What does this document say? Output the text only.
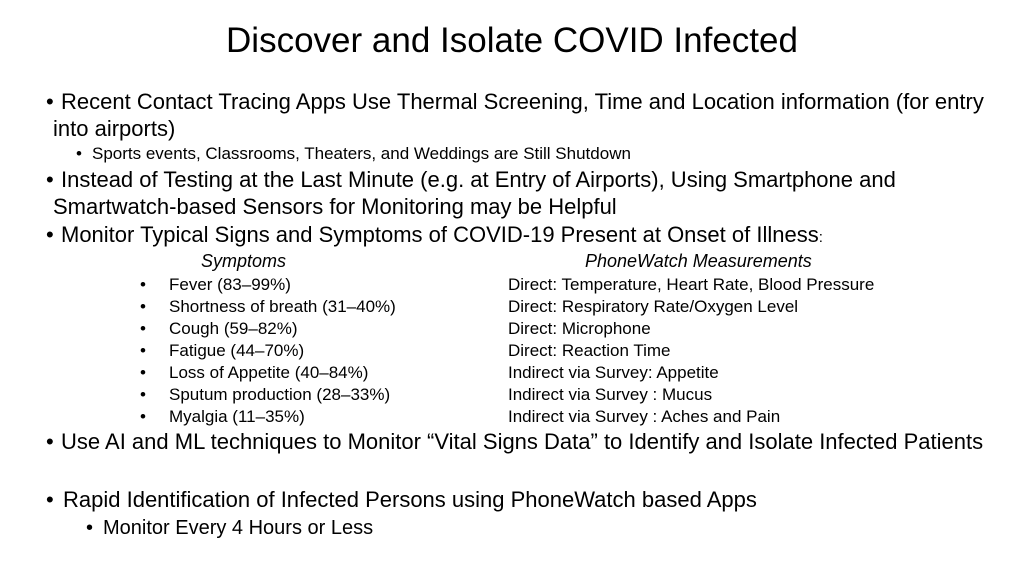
Discover and Isolate COVID Infected
• Recent Contact Tracing Apps Use Thermal Screening, Time and Location information (for entry into airports)
• Sports events, Classrooms, Theaters, and Weddings are Still Shutdown
• Instead of Testing at the Last Minute (e.g. at Entry of Airports), Using Smartphone and Smartwatch-based Sensors for Monitoring may be Helpful
• Monitor Typical Signs and Symptoms of COVID-19 Present at Onset of Illness:
Symptoms	PhoneWatch Measurements
• Fever (83–99%)	Direct: Temperature, Heart Rate, Blood Pressure
• Shortness of breath (31–40%)	Direct: Respiratory Rate/Oxygen Level
• Cough (59–82%)	Direct: Microphone
• Fatigue (44–70%)	Direct: Reaction Time
• Loss of Appetite (40–84%)	Indirect via Survey: Appetite
• Sputum production (28–33%)	Indirect via Survey : Mucus
• Myalgia (11–35%)	Indirect via Survey : Aches and Pain
• Use AI and ML techniques to Monitor “Vital Signs Data” to Identify and Isolate Infected Patients
• Rapid Identification of Infected Persons using PhoneWatch based Apps
• Monitor Every 4 Hours or Less
